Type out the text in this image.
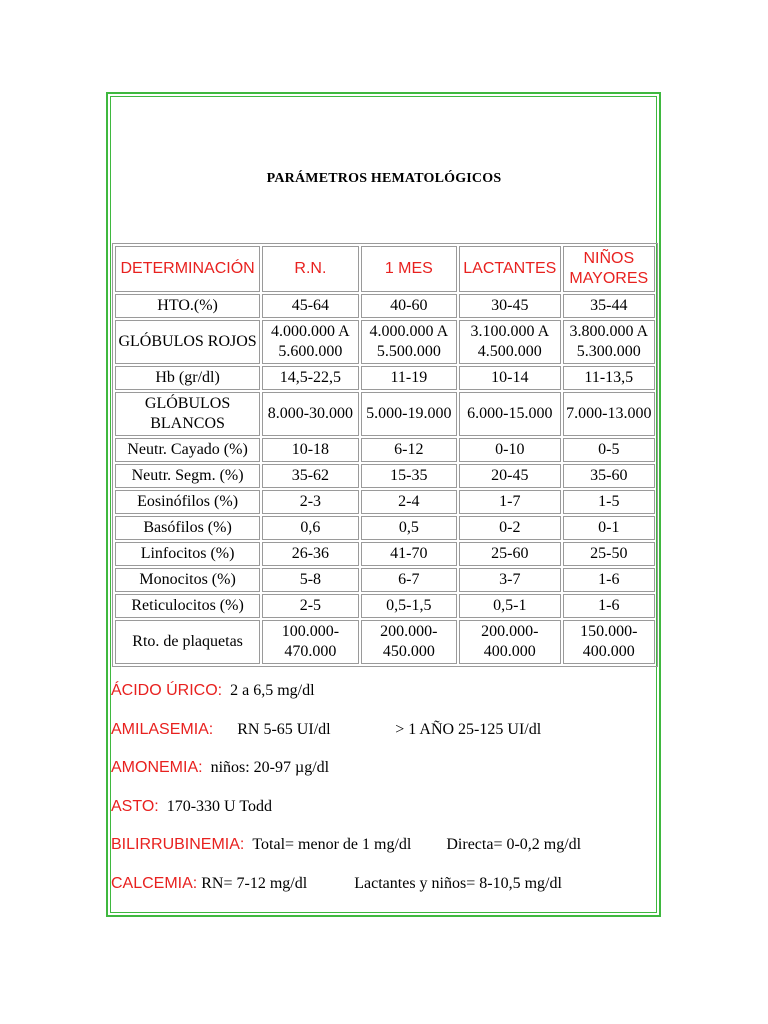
PARÁMETROS HEMATOLÓGICOS
DETERMINACIÓN	R.N.	1 MES	LACTANTES	NIÑOS MAYORES
HTO.(%)	45-64	40-60	30-45	35-44
GLÓBULOS ROJOS	4.000.000 A 5.600.000	4.000.000 A 5.500.000	3.100.000 A 4.500.000	3.800.000 A 5.300.000
Hb (gr/dl)	14,5-22,5	11-19	10-14	11-13,5
GLÓBULOS BLANCOS	8.000-30.000	5.000-19.000	6.000-15.000	7.000-13.000
Neutr. Cayado (%)	10-18	6-12	0-10	0-5
Neutr. Segm. (%)	35-62	15-35	20-45	35-60
Eosinófilos (%)	2-3	2-4	1-7	1-5
Basófilos (%)	0,6	0,5	0-2	0-1
Linfocitos (%)	26-36	41-70	25-60	25-50
Monocitos (%)	5-8	6-7	3-7	1-6
Reticulocitos (%)	2-5	0,5-1,5	0,5-1	1-6
Rto. de plaquetas	100.000-470.000	200.000-450.000	200.000-400.000	150.000-400.000
ÁCIDO ÚRICO: 2 a 6,5 mg/dl
AMILASEMIA: RN 5-65 UI/dl	> 1 AÑO 25-125 UI/dl
AMONEMIA: niños: 20-97 µg/dl
ASTO: 170-330 U Todd
BILIRRUBINEMIA: Total= menor de 1 mg/dl Directa= 0-0,2 mg/dl
CALCEMIA: RN= 7-12 mg/dl	Lactantes y niños= 8-10,5 mg/dl
